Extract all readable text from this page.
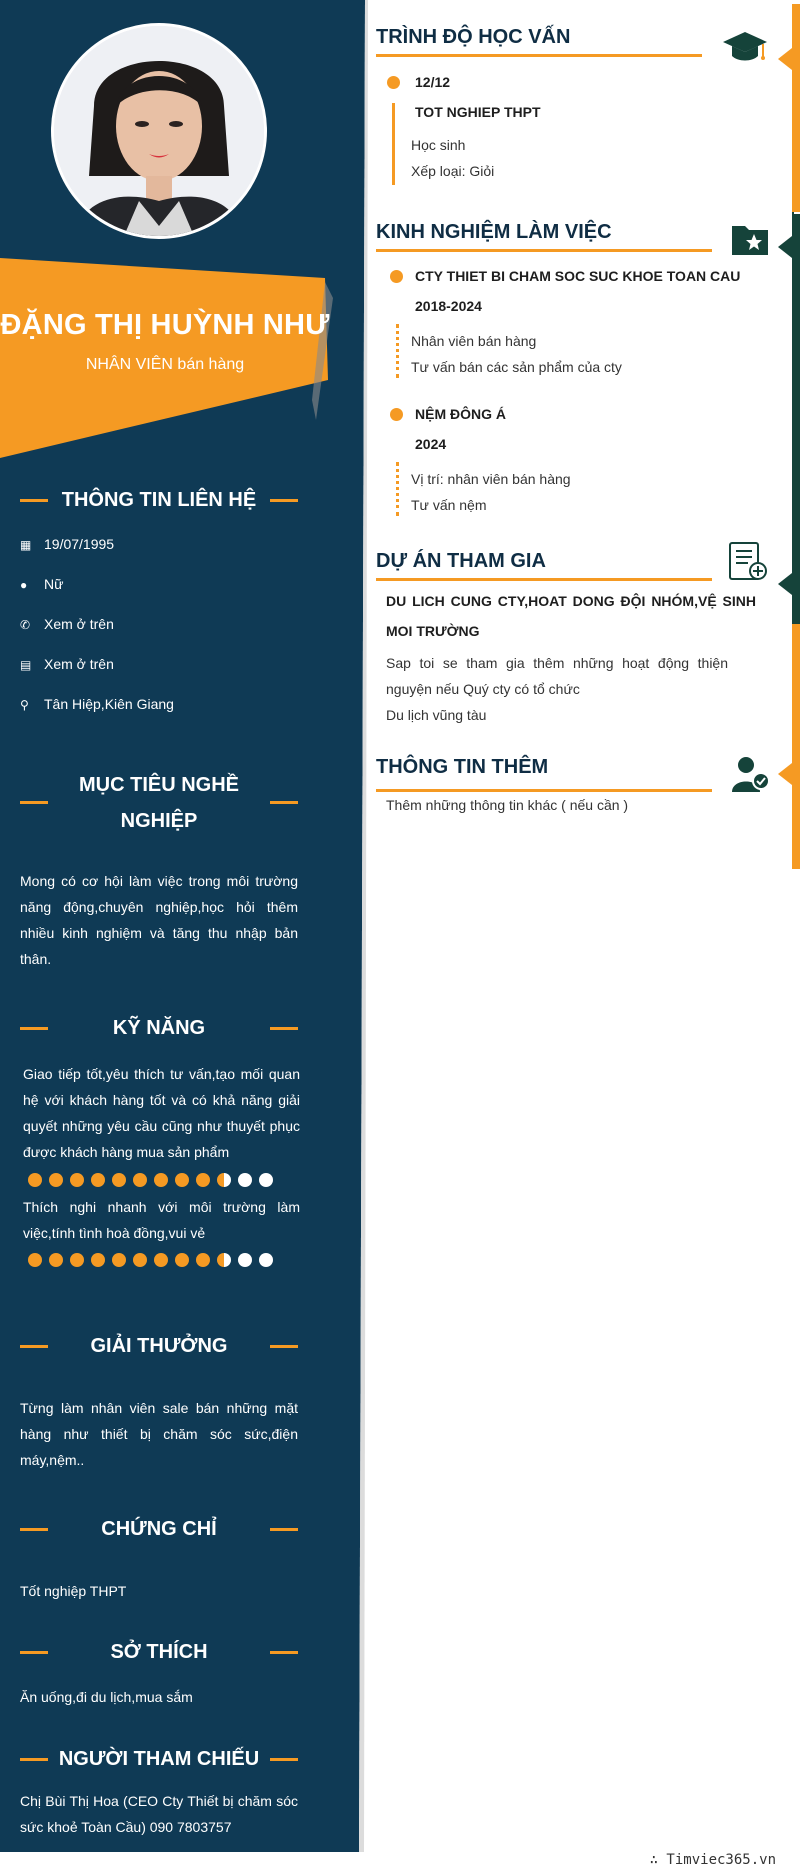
ĐẶNG THỊ HUỲNH NHƯ
NHÂN VIÊN bán hàng
THÔNG TIN LIÊN HỆ
▦ 19/07/1995
● Nữ
✆ Xem ở trên
▤ Xem ở trên
⚲ Tân Hiệp,Kiên Giang
MỤC TIÊU NGHỀ
NGHIỆP
Mong có cơ hội làm việc trong môi trường năng động,chuyên nghiệp,học hỏi thêm nhiều kinh nghiệm và tăng thu nhập bản thân.
KỸ NĂNG
Giao tiếp tốt,yêu thích tư vấn,tạo mối quan hệ với khách hàng tốt và có khả năng giải quyết những yêu cầu cũng như thuyết phục được khách hàng mua sản phẩm
Thích nghi nhanh với môi trường làm việc,tính tình hoà đồng,vui vẻ
GIẢI THƯỞNG
Từng làm nhân viên sale bán những mặt hàng như thiết bị chăm sóc sức,điện máy,nệm..
CHỨNG CHỈ
Tốt nghiệp THPT
SỞ THÍCH
Ăn uống,đi du lịch,mua sắm
NGƯỜI THAM CHIẾU
Chị Bùi Thị Hoa (CEO Cty Thiết bị chăm sóc sức khoẻ Toàn Cầu) 090 7803757
TRÌNH ĐỘ HỌC VẤN
12/12
TOT NGHIEP THPT
Học sinh
Xếp loại: Giỏi
KINH NGHIỆM LÀM VIỆC
CTY THIET BI CHAM SOC SUC KHOE TOAN CAU
2018-2024
Nhân viên bán hàng
Tư vấn bán các sản phẩm của cty
NỆM ĐÔNG Á
2024
Vị trí: nhân viên bán hàng
Tư vấn nệm
DỰ ÁN THAM GIA
DU LICH CUNG CTY,HOAT DONG ĐỘI NHÓM,VỆ SINH MOI TRƯỜNG
Sap toi se tham gia thêm những hoạt động thiện nguyện nếu Quý cty có tổ chức
Du lịch vũng tàu
THÔNG TIN THÊM
Thêm những thông tin khác ( nếu cần )
∴ Timviec365.vn
